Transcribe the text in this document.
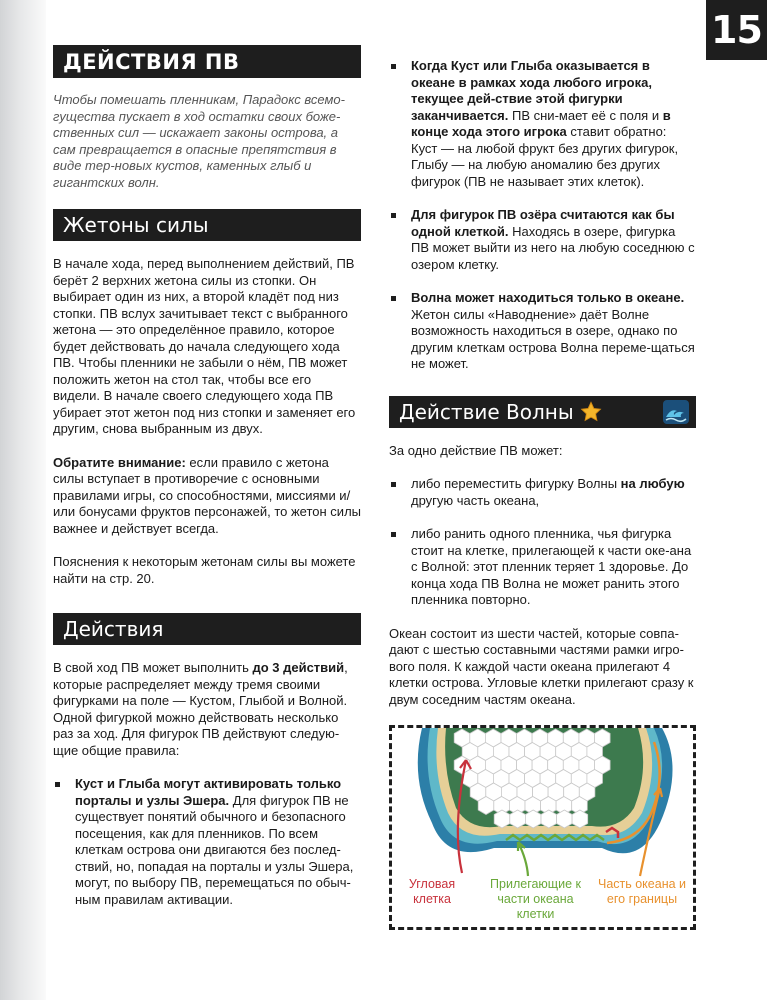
15
ДЕЙСТВИЯ ПВ

Чтобы помешать пленникам, Парадокс всемо-гущества пускает в ход остатки своих боже-ственных сил — искажает законы острова, а сам превращается в опасные препятствия в виде тер-новых кустов, каменных глыб и гигантских волн.

Жетоны силы

В начале хода, перед выполнением действий, ПВ берёт 2 верхних жетона силы из стопки. Он выбирает один из них, а второй кладёт под низ стопки. ПВ вслух зачитывает текст с выбранного жетона — это определённое правило, которое будет действовать до начала следующего хода ПВ. Чтобы пленники не забыли о нём, ПВ может положить жетон на стол так, чтобы все его видели. В начале своего следующего хода ПВ убирает этот жетон под низ стопки и заменяет его другим, снова выбранным из двух.

Обратите внимание: если правило с жетона силы вступает в противоречие с основными правилами игры, со способностями, миссиями и/или бонусами фруктов персонажей, то жетон силы важнее и действует всегда.

Пояснения к некоторым жетонам силы вы можете найти на стр. 20.

Действия

В свой ход ПВ может выполнить до 3 действий, которые распределяет между тремя своими фигурками на поле — Кустом, Глыбой и Волной. Одной фигуркой можно действовать несколько раз за ход. Для фигурок ПВ действуют следую-щие общие правила:

Куст и Глыба могут активировать только порталы и узлы Эшера. Для фигурок ПВ не существует понятий обычного и безопасного посещения, как для пленников. По всем клеткам острова они двигаются без послед-ствий, но, попадая на порталы и узлы Эшера, могут, по выбору ПВ, перемещаться по обыч-ным правилам активации.
Когда Куст или Глыба оказывается в океане в рамках хода любого игрока, текущее дей-ствие этой фигурки заканчивается. ПВ сни-мает её с поля и в конце хода этого игрока ставит обратно: Куст — на любой фрукт без других фигурок, Глыбу — на любую аномалию без других фигурок (ПВ не называет этих клеток).
Для фигурок ПВ озёра считаются как бы одной клеткой. Находясь в озере, фигурка ПВ может выйти из него на любую соседнюю с озером клетку.
Волна может находиться только в океане. Жетон силы «Наводнение» даёт Волне возможность находиться в озере, однако по другим клеткам острова Волна переме-щаться не может.
Действие Волны

За одно действие ПВ может:

либо переместить фигурку Волны на любую другую часть океана,
либо ранить одного пленника, чья фигурка стоит на клетке, прилегающей к части оке-ана с Волной: этот пленник теряет 1 здоровье. До конца хода ПВ Волна не может ранить этого пленника повторно.

Океан состоит из шести частей, которые совпа-дают с шестью составными частями рамки игро-вого поля. К каждой части океана прилегают 4 клетки острова. Угловые клетки прилегают сразу к двум соседним частям океана.

Угловая клетка
Прилегающие к части океана клетки
Часть океана и его границы
